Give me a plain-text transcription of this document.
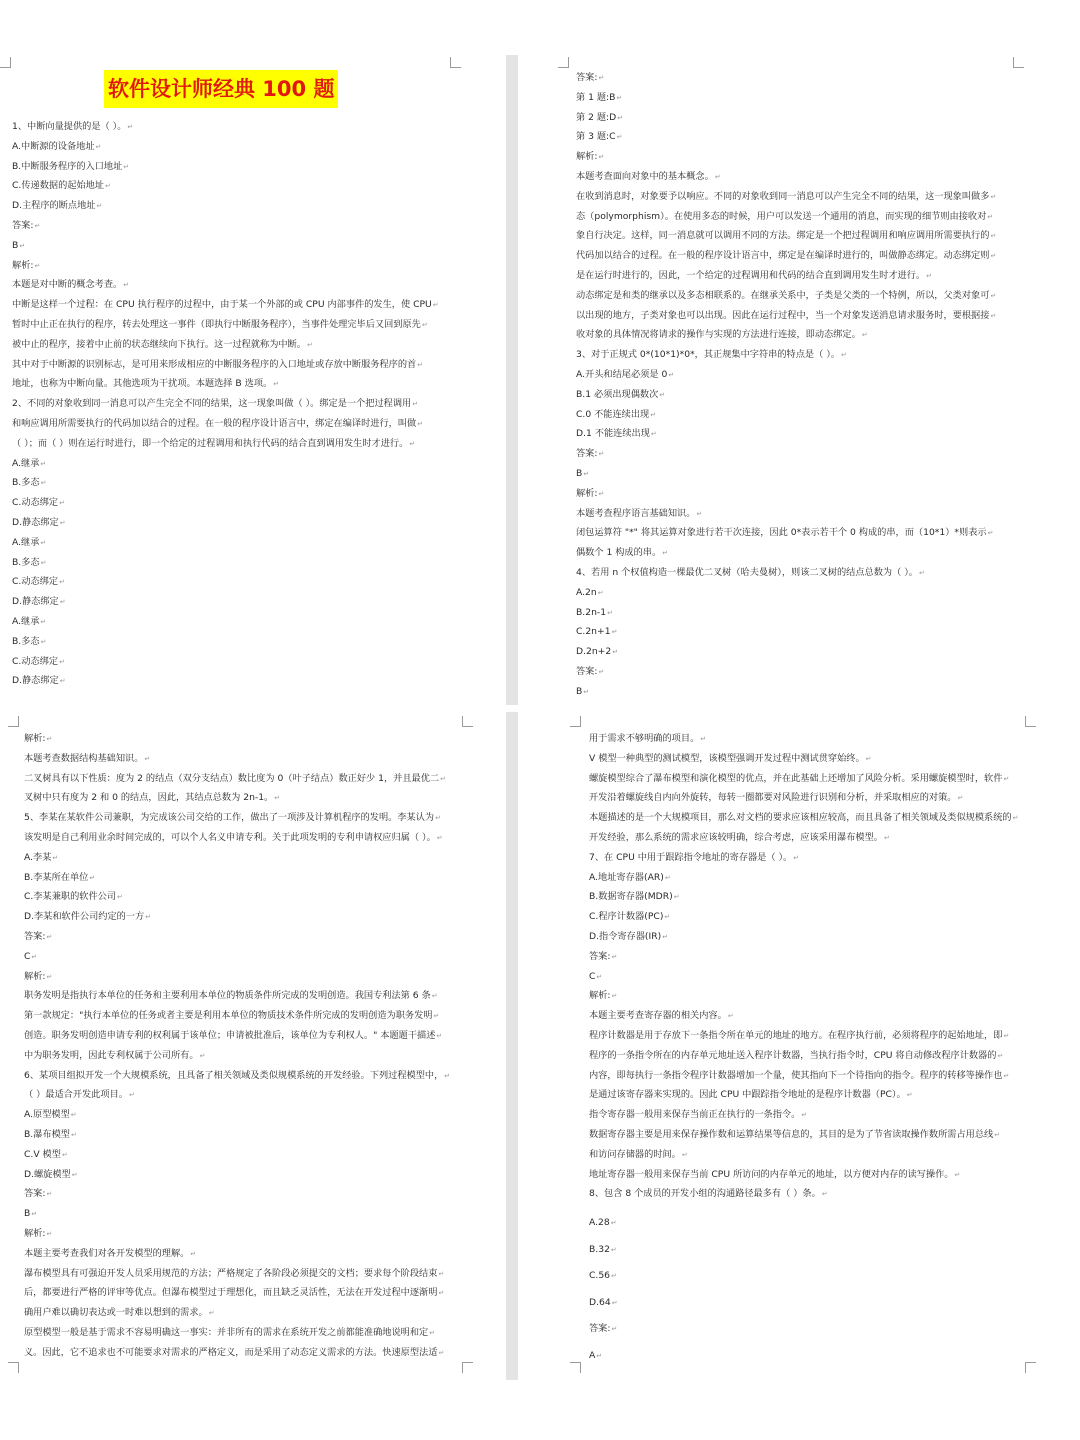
软件设计师经典 100 题
1、中断向量提供的是（ ）。 ↵
A.中断源的设备地址 ↵
B.中断服务程序的入口地址 ↵
C.传递数据的起始地址 ↵
D.主程序的断点地址 ↵
答案: ↵
B ↵
解析: ↵
本题是对中断的概念考查。 ↵
中断是这样一个过程：在 CPU 执行程序的过程中，由于某一个外部的或 CPU 内部事件的发生，使 CPU ↵
暂时中止正在执行的程序，转去处理这一事件（即执行中断服务程序），当事件处理完毕后又回到原先 ↵
被中止的程序，接着中止前的状态继续向下执行。这一过程就称为中断。 ↵
其中对于中断源的识别标志，是可用来形成相应的中断服务程序的入口地址或存放中断服务程序的首 ↵
地址，也称为中断向量。其他选项为干扰项。本题选择 B 选项。 ↵
2、不同的对象收到同一消息可以产生完全不同的结果，这一现象叫做（ ）。绑定是一个把过程调用 ↵
和响应调用所需要执行的代码加以结合的过程。在一般的程序设计语言中，绑定在编译时进行，叫做 ↵
（ ）；而（ ）则在运行时进行，即一个给定的过程调用和执行代码的结合直到调用发生时才进行。 ↵
A.继承 ↵
B.多态 ↵
C.动态绑定 ↵
D.静态绑定 ↵
A.继承 ↵
B.多态 ↵
C.动态绑定 ↵
D.静态绑定 ↵
A.继承 ↵
B.多态 ↵
C.动态绑定 ↵
D.静态绑定 ↵
答案: ↵
第 1 题:B ↵
第 2 题:D ↵
第 3 题:C ↵
解析: ↵
本题考查面向对象中的基本概念。 ↵
在收到消息时，对象要予以响应。不同的对象收到同一消息可以产生完全不同的结果，这一现象叫做多 ↵
态（polymorphism）。在使用多态的时候，用户可以发送一个通用的消息，而实现的细节则由接收对 ↵
象自行决定。这样，同一消息就可以调用不同的方法。绑定是一个把过程调用和响应调用所需要执行的 ↵
代码加以结合的过程。在一般的程序设计语言中，绑定是在编译时进行的，叫做静态绑定。动态绑定则 ↵
是在运行时进行的，因此，一个给定的过程调用和代码的结合直到调用发生时才进行。 ↵
动态绑定是和类的继承以及多态相联系的。在继承关系中，子类是父类的一个特例，所以，父类对象可 ↵
以出现的地方，子类对象也可以出现。因此在运行过程中，当一个对象发送消息请求服务时，要根据接 ↵
收对象的具体情况将请求的操作与实现的方法进行连接，即动态绑定。 ↵
3、对于正规式 0*(10*1)*0*，其正规集中字符串的特点是（ ）。 ↵
A.开头和结尾必须是 0 ↵
B.1 必须出现偶数次 ↵
C.0 不能连续出现 ↵
D.1 不能连续出现 ↵
答案: ↵
B ↵
解析: ↵
本题考查程序语言基础知识。 ↵
闭包运算符 "*" 将其运算对象进行若干次连接，因此 0*表示若干个 0 构成的串，而（10*1）*则表示 ↵
偶数个 1 构成的串。 ↵
4、若用 n 个权值构造一棵最优二叉树（哈夫曼树），则该二叉树的结点总数为（ ）。 ↵
A.2n ↵
B.2n-1 ↵
C.2n+1 ↵
D.2n+2 ↵
答案: ↵
B ↵
解析: ↵
本题考查数据结构基础知识。 ↵
二叉树具有以下性质：度为 2 的结点（双分支结点）数比度为 0（叶子结点）数正好少 1，并且最优二 ↵
叉树中只有度为 2 和 0 的结点，因此，其结点总数为 2n-1。 ↵
5、李某在某软件公司兼职，为完成该公司交给的工作，做出了一项涉及计算机程序的发明。李某认为 ↵
该发明是自己利用业余时间完成的，可以个人名义申请专利。关于此项发明的专利申请权应归属（ ）。 ↵
A.李某 ↵
B.李某所在单位 ↵
C.李某兼职的软件公司 ↵
D.李某和软件公司约定的一方 ↵
答案: ↵
C ↵
解析: ↵
职务发明是指执行本单位的任务和主要利用本单位的物质条件所完成的发明创造。我国专利法第 6 条 ↵
第一款规定："执行本单位的任务或者主要是利用本单位的物质技术条件所完成的发明创造为职务发明 ↵
创造。职务发明创造申请专利的权利属于该单位；申请被批准后，该单位为专利权人。" 本题题干描述 ↵
中为职务发明，因此专利权属于公司所有。 ↵
6、某项目组拟开发一个大规模系统，且具备了相关领域及类似规模系统的开发经验。下列过程模型中， ↵
（ ）最适合开发此项目。 ↵
A.原型模型 ↵
B.瀑布模型 ↵
C.V 模型 ↵
D.螺旋模型 ↵
答案: ↵
B ↵
解析: ↵
本题主要考查我们对各开发模型的理解。 ↵
瀑布模型具有可强迫开发人员采用规范的方法；严格规定了各阶段必须提交的文档；要求每个阶段结束 ↵
后，都要进行严格的评审等优点。但瀑布模型过于理想化，而且缺乏灵活性，无法在开发过程中逐渐明 ↵
确用户难以确切表达或一时难以想到的需求。 ↵
原型模型一般是基于需求不容易明确这一事实：并非所有的需求在系统开发之前都能准确地说明和定 ↵
义。因此，它不追求也不可能要求对需求的严格定义，而是采用了动态定义需求的方法。快速原型法适 ↵
用于需求不够明确的项目。 ↵
V 模型一种典型的测试模型，该模型强调开发过程中测试贯穿始终。 ↵
螺旋模型综合了瀑布模型和演化模型的优点，并在此基础上还增加了风险分析。采用螺旋模型时，软件 ↵
开发沿着螺旋线自内向外旋转，每转一圈都要对风险进行识别和分析，并采取相应的对策。 ↵
本题描述的是一个大规模项目，那么对文档的要求应该相应较高，而且具备了相关领域及类似规模系统的 ↵
开发经验，那么系统的需求应该较明确，综合考虑，应该采用瀑布模型。 ↵
7、在 CPU 中用于跟踪指令地址的寄存器是（ ）。 ↵
A.地址寄存器(AR) ↵
B.数据寄存器(MDR) ↵
C.程序计数器(PC) ↵
D.指令寄存器(IR) ↵
答案: ↵
C ↵
解析: ↵
本题主要考查寄存器的相关内容。 ↵
程序计数器是用于存放下一条指令所在单元的地址的地方。在程序执行前，必须将程序的起始地址，即 ↵
程序的一条指令所在的内存单元地址送入程序计数器，当执行指令时，CPU 将自动修改程序计数器的 ↵
内容，即每执行一条指令程序计数器增加一个量，使其指向下一个待指向的指令。程序的转移等操作也 ↵
是通过该寄存器来实现的。因此 CPU 中跟踪指令地址的是程序计数器（PC）。 ↵
指令寄存器一般用来保存当前正在执行的一条指令。 ↵
数据寄存器主要是用来保存操作数和运算结果等信息的，其目的是为了节省读取操作数所需占用总线 ↵
和访问存储器的时间。 ↵
地址寄存器一般用来保存当前 CPU 所访问的内存单元的地址，以方便对内存的读写操作。 ↵
8、包含 8 个成员的开发小组的沟通路径最多有（ ）条。 ↵
A.28 ↵
B.32 ↵
C.56 ↵
D.64 ↵
答案: ↵
A ↵
